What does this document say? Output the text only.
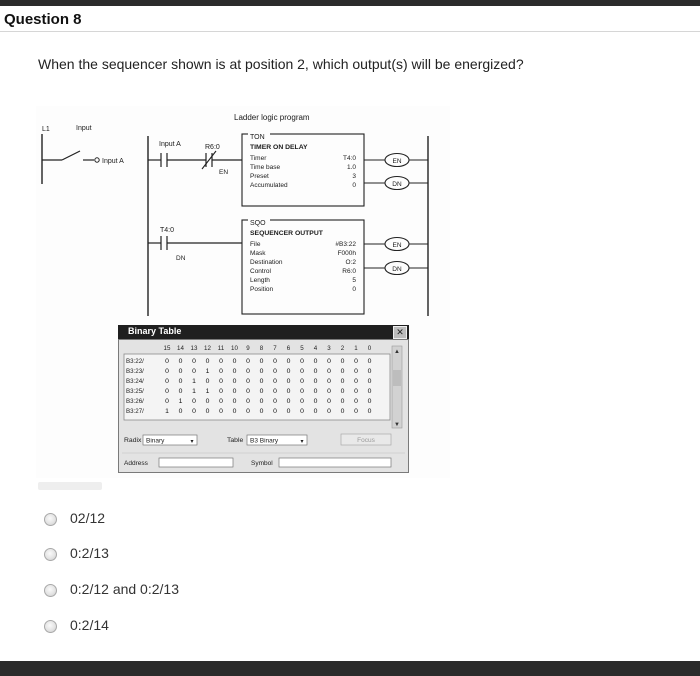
Question 8
When the sequencer shown is at position 2, which output(s) will be energized?
Ladder logic program
L1	Input
Input A
Input A	R6:0
EN
TON
TIMER ON DELAY
Timer	T4:0
Time base	1.0
Preset	3
Accumulated	0
EN
DN
T4:0
DN
SQO
SEQUENCER OUTPUT
File	#B3:22
Mask	F000h
Destination	O:2
Control	R6:0
Length	5
Position	0
EN
DN
Binary Table	✕
15 14 13 12 11 10 9 8 7 6 5 4 3 2 1 0
B3:22/	0 0 0 0 0 0 0 0 0 0 0 0 0 0 0 0
B3:23/	0 0 0 1 0 0 0 0 0 0 0 0 0 0 0 0
B3:24/	0 0 1 0 0 0 0 0 0 0 0 0 0 0 0 0
B3:25/	0 0 1 1 0 0 0 0 0 0 0 0 0 0 0 0
B3:26/	0 1 0 0 0 0 0 0 0 0 0 0 0 0 0 0
B3:27/	1 0 0 0 0 0 0 0 0 0 0 0 0 0 0 0
▲
▼
Radix Binary	▾	Table B3 Binary	▾	Focus
Address	Symbol
02/12
0:2/13
0:2/12 and 0:2/13
0:2/14
